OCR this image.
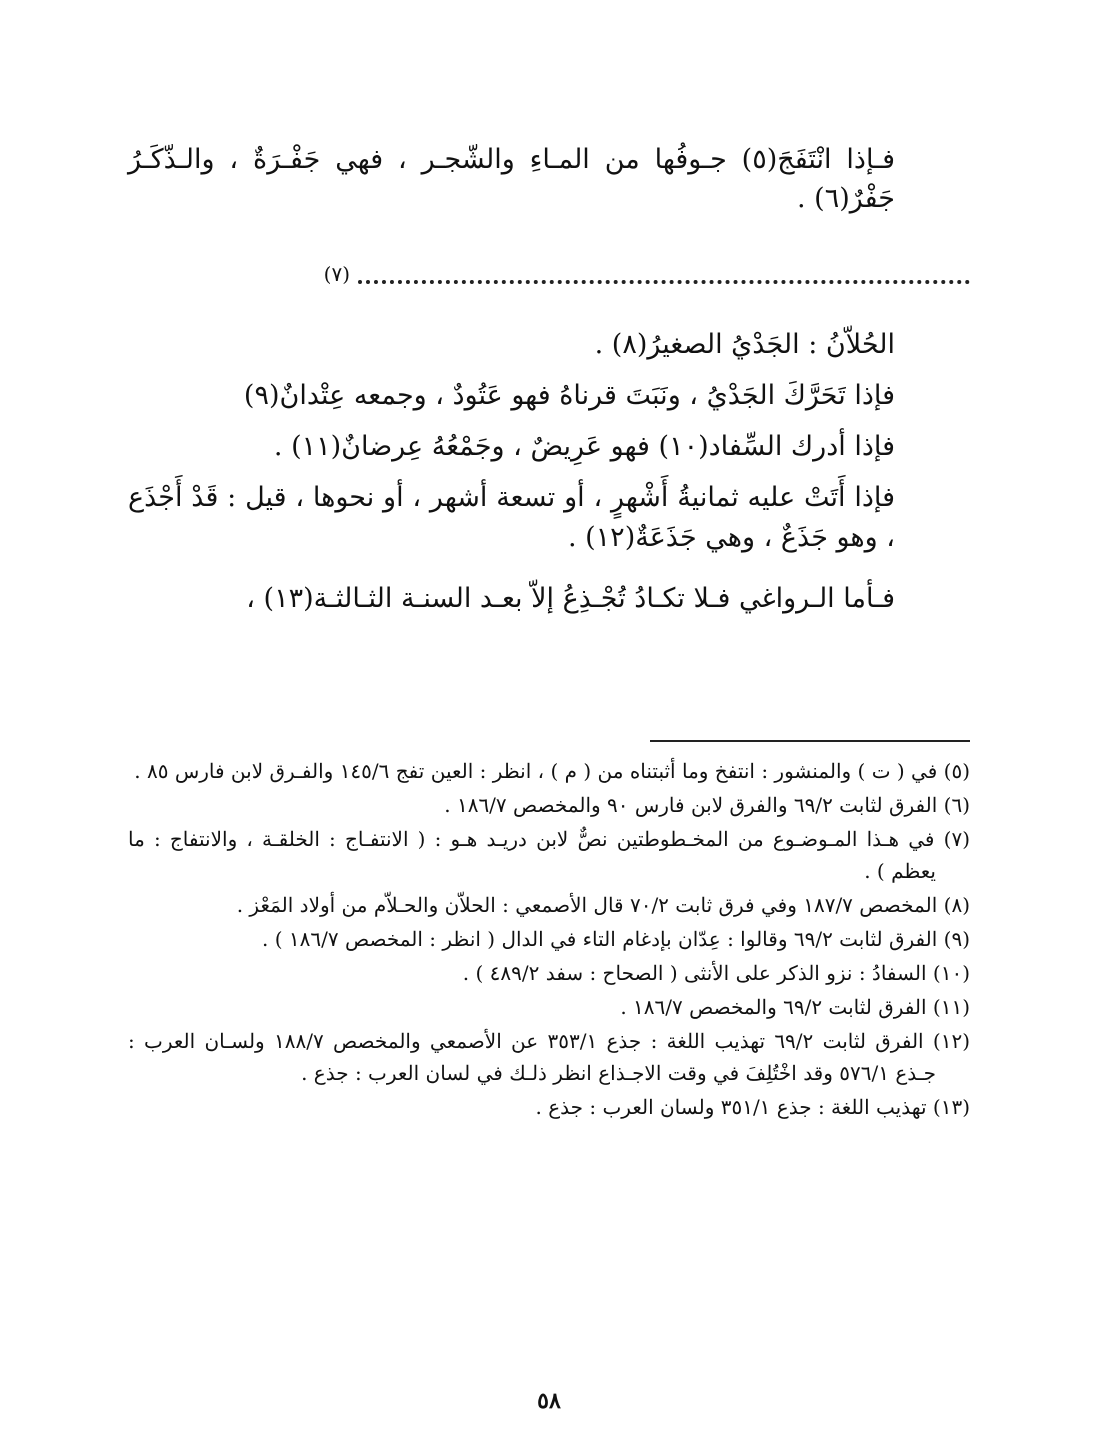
فـإذا انْتَفَجَ(٥) جـوفُها من المـاءِ والشّجـر ، فهي جَفْـرَةٌ ، والـذّكَـرُ جَفْرٌ(٦) .

(٧)

الحُلاّنُ : الجَدْيُ الصغيرُ(٨) .

فإذا تَحَرَّكَ الجَدْيُ ، ونَبَتَ قرناهُ فهو عَتُودٌ ، وجمعه عِتْدانٌ(٩)

فإذا أدرك السِّفاد(١٠) فهو عَرِيضٌ ، وجَمْعُهُ عِرضانٌ(١١) .

فإذا أَتَتْ عليه ثمانيةُ أَشْهرٍ ، أو تسعة أشهر ، أو نحوها ، قيل : قَدْ أَجْذَع ، وهو جَذَعٌ ، وهي جَذَعَةٌ(١٢) .

فـأما الـرواغي فـلا تكـادُ تُجْـذِعُ إلاّ بعـد السنـة الثـالثـة(١٣) ،

(٥) في ( ت ) والمنشور : انتفخ وما أثبتناه من ( م ) ، انظر : العين تفج ١٤٥/٦ والفـرق لابن فارس ٨٥ .

(٦) الفرق لثابت ٦٩/٢ والفرق لابن فارس ٩٠ والمخصص ١٨٦/٧ .

(٧) في هـذا المـوضـوع من المخـطوطتين نصٌّ لابن دريـد هـو : ( الانتفـاج : الخلقـة ، والانتفاج : ما يعظم ) .

(٨) المخصص ١٨٧/٧ وفي فرق ثابت ٧٠/٢ قال الأصمعي : الحلاّن والحـلاّم من أولاد المَعْز .

(٩) الفرق لثابت ٦٩/٢ وقالوا : عِدّان بإدغام التاء في الدال ( انظر : المخصص ١٨٦/٧ ) .

(١٠) السفادُ : نزو الذكر على الأنثى ( الصحاح : سفد ٤٨٩/٢ ) .

(١١) الفرق لثابت ٦٩/٢ والمخصص ١٨٦/٧ .

(١٢) الفرق لثابت ٦٩/٢ تهذيب اللغة : جذع ٣٥٣/١ عن الأصمعي والمخصص ١٨٨/٧ ولسـان العرب : جـذع ٥٧٦/١ وقد اخْتُلِفَ في وقت الاجـذاع انظر ذلـك في لسان العرب : جذع .

(١٣) تهذيب اللغة : جذع ٣٥١/١ ولسان العرب : جذع .

٥٨
